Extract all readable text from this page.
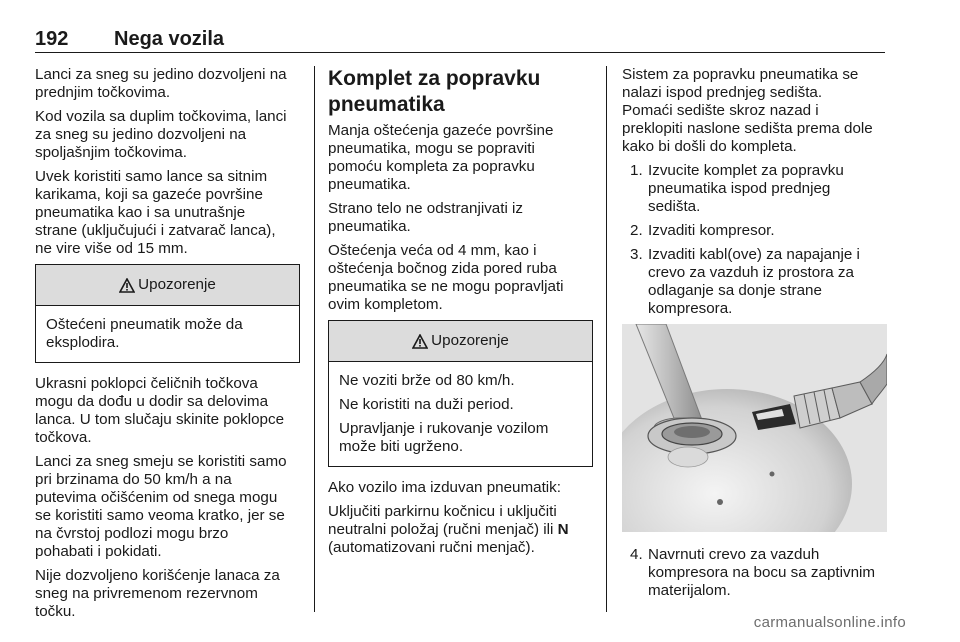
192 Nega vozila

Lanci za sneg su jedino dozvoljeni na
prednjim točkovima.

Kod vozila sa duplim točkovima, lanci
za sneg su jedino dozvoljeni na
spoljašnjim točkovima.

Uvek koristiti samo lance sa sitnim
karikama, koji sa gazeće površine
pneumatika kao i sa unutrašnje
strane (uključujući i zatvarač lanca),
ne vire više od 15 mm.

Upozorenje

Oštećeni pneumatik može da
eksplodira.

Ukrasni poklopci čeličnih točkova
mogu da dođu u dodir sa delovima
lanca. U tom slučaju skinite poklopce
točkova.

Lanci za sneg smeju se koristiti samo
pri brzinama do 50 km/h a na
putevima očišćenim od snega mogu
se koristiti samo veoma kratko, jer se
na čvrstoj podlozi mogu brzo
pohabati i pokidati.

Nije dozvoljeno korišćenje lanaca za
sneg na privremenom rezervnom
točku.

Komplet za popravku
pneumatika

Manja oštećenja gazeće površine
pneumatika, mogu se popraviti
pomoću kompleta za popravku
pneumatika.

Strano telo ne odstranjivati iz
pneumatika.

Oštećenja veća od 4 mm, kao i
oštećenja bočnog zida pored ruba
pneumatika se ne mogu popravljati
ovim kompletom.

Upozorenje

Ne voziti brže od 80 km/h.

Ne koristiti na duži period.

Upravljanje i rukovanje vozilom
može biti ugrženo.

Ako vozilo ima izduvan pneumatik:

Uključiti parkirnu kočnicu i uključiti
neutralni položaj (ručni menjač) ili N
(automatizovani ručni menjač).

Sistem za popravku pneumatika se
nalazi ispod prednjeg sedišta.
Pomaći sedište skroz nazad i
preklopiti naslone sedišta prema dole
kako bi došli do kompleta.

1. Izvucite komplet za popravku
pneumatika ispod prednjeg
sedišta.
2. Izvaditi kompresor.
3. Izvaditi kabl(ove) za napajanje i
crevo za vazduh iz prostora za
odlaganje sa donje strane
kompresora.
4. Navrnuti crevo za vazduh
kompresora na bocu sa zaptivnim
materijalom.
carmanualsonline.info
